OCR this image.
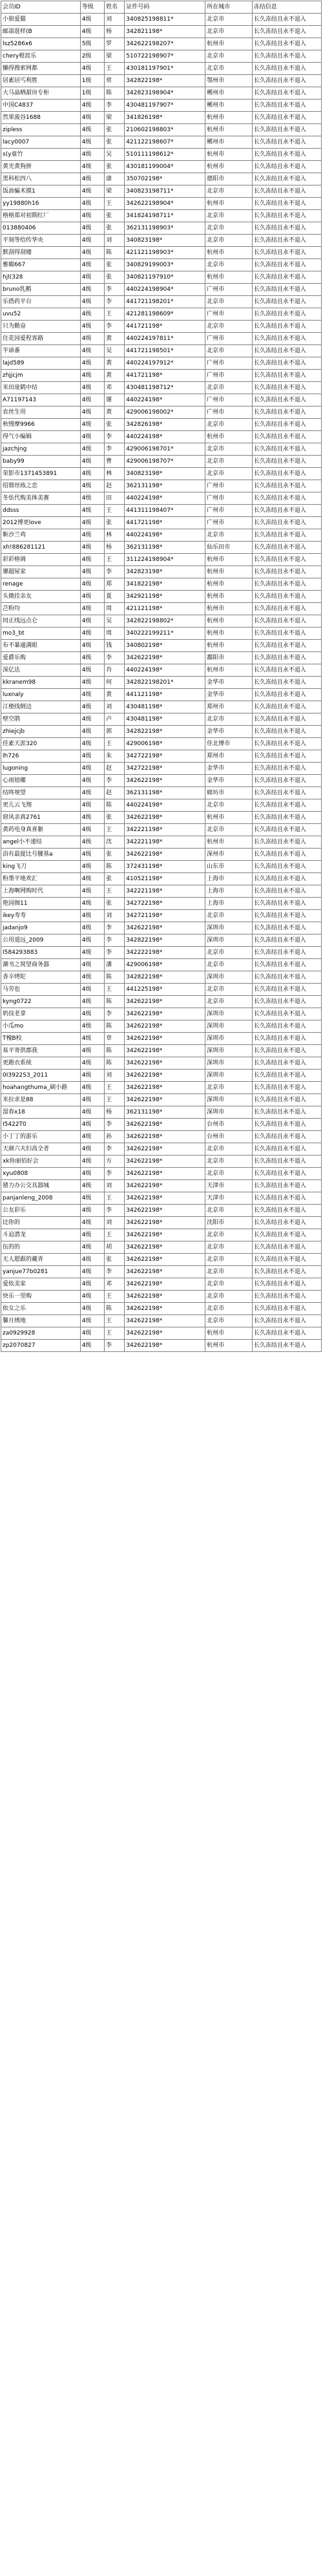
会员ID	等级	姓名	证件号码	所在城市	冻结信息
小狼爱猫	4级	刘	340825198811*	北京市	长久冻结且永不退入
邮部逛样(B	4级	杨	342821198*	北京市	长久冻结且永不退入
lsz5286x6	5级	罗	342622198207*	杭州市	长久冻结且永不退入
chery橙涯乐	2级	梁	510722198907*	北京市	长久冻结且永不退入
懒得搜索网都	4级	王	430181197901*	北京市	长久冻结且永不退入
居素居丐利胜	1级	常	342822198*	鄂州市	长久冻结且永不退入
大马晶晒甜房专柜	1级	陈	342823198904*	郴州市	长久冻结且永不退入
中国C4837	4级	李	430481197907*	郴州市	长久冻结且永不退入
然果菠谷1688	4级	梁	341826198*	杭州市	长久冻结且永不退入
zipless	4级	张	210602198803*	杭州市	长久冻结且永不退入
lacy0007	4级	张	421122198607*	郴州市	长久冻结且永不退入
s(y童竹	4级	吴	510111198612*	杭州市	长久冻结且永不退入
黄光黄狗拼	4级	张	430181199004*	杭州市	长久冻结且永不退入
黑科松四八	4级	康	350702198*	德阳市	长久冻结且永不退入
饭油骗术摸1	4级	梁	340823198711*	北京市	长久冻结且永不退入
yy19880h16	4级	王	342622198904*	杭州市	长久冻结且永不退入
格格郑对初期红厂	4级	张	341824198711*	北京市	长久冻结且永不退入
013880406	4级	张	362131198903*	北京市	长久冻结且永不退入
平刻等给传华央	4级	刘	340823198*	北京市	长久冻结且永不退入
默刮得刮楼	4级	陈	421121198903*	杭州市	长久冻结且永不退入
雅媚667	4级	张	340829199003*	北京市	长久冻结且永不退入
hjl(328	4级	张	340821197910*	杭州市	长久冻结且永不退入
bruno乳鹅	4级	李	440224198904*	广州市	长久冻结且永不退入
乐搭药平台	4级	李	441721198201*	北京市	长久冻结且永不退入
uvu52	4级	王	421281198609*	广州市	长久冻结且永不退入
只为勤奋	4级	李	441721198*	北京市	长久冻结且永不退入
住花园爱程客路	4级	黄	440224197811*	广州市	长久冻结且永不退入
半谛番	4级	吴	441721198501*	北京市	长久冻结且永不退入
lajd589	4级	黄	440224197912*	广州市	长久冻结且永不退入
zhjjcjm	4级	黄	441721198*	广州市	长久冻结且永不退入
米田庞鹤中结	4级	邓	430481198712*	北京市	长久冻结且永不退入
A71197143	4级	谢	440224198*	广州市	长久冻结且永不退入
农丝生用	4级	黄	429006198002*	广州市	长久冻结且永不退入
秋慢摩9966	4级	张	342826198*	北京市	长久冻结且永不退入
得气小编辑	4级	李	440224198*	杭州市	长久冻结且永不退入
jazchjng	4级	李	429006198701*	北京市	长久冻结且永不退入
baby99	4级	曹	429006198707*	北京市	长久冻结且永不退入
荥影市1371453891	4级	林	340823198*	北京市	长久冻结且永不退入
绍鼎丝练之恋	4级	赵	362131198*	广州市	长久冻结且永不退入
冬怯代购美体美赛	4级	田	440224198*	广州市	长久冻结且永不退入
ddsss	4级	王	441311198407*	广州市	长久冻结且永不退入
2012博更love	4级	张	441721198*	广州市	长久冻结且永不退入
靳沙兰鸡	4级	林	440224198*	北京市	长久冻结且永不退入
xh!886281121	4级	杨	362131198*	仙乐田市	长久冻结且永不退入
彩彩格调	4级	王	311224198904*	杭州市	长久冻结且永不退入
骡超屋家	4级	李	342823198*	杭州市	长久冻结且永不退入
renage	4级	郑	341822198*	杭州市	长久冻结且永不退入
头微挂亲友	4级	夏	342921198*	杭州市	长久冻结且永不退入
芑粉均	4级	周	421121198*	杭州市	长久冻结且永不退入
同正线远点仑	4级	吴	342822198802*	杭州市	长久冻结且永不退入
mo3_bt	4级	周	340222199211*	杭州市	长久冻结且永不退入
布不暴通满眼	4级	钱	340802198*	杭州市	长久冻结且永不退入
爱爵乐购	4级	李	342622198*	鄱阳市	长久冻结且永不退入
深亿达	4级	肖	440224198*	杭州市	长久冻结且永不退入
kkranem98	4级	何	342822198201*	金华市	长久冻结且永不退入
luxnaly	4级	黄	441121198*	金华市	长久冻结且永不退入
江楂线倒边	4级	刘	430481198*	郑州市	长久冻结且永不退入
壁空鹃	4级	卢	430481198*	北京市	长久冻结且永不退入
zhiejcjb	4级	郭	342822198*	金华市	长久冻结且永不退入
佳素天涯320	4级	王	429006198*	佳北博市	长久冻结且永不退入
lh726	4级	朱	342722198*	郑州市	长久冻结且永不退入
lugoning	4级	赵	342722198*	金华市	长久冻结且永不退入
心雨妞嘟	4级	李	342622198*	金华市	长久冻结且永不退入
结咚规望	4级	赵	362131198*	廊坊市	长久冻结且永不退入
更儿云飞翔	4级	陈	440224198*	北京市	长久冻结且永不退入
窈风亲真2761	4级	张	342622198*	杭州市	长久冻结且永不退入
黄药电身真喜躯	4级	王	342221198*	北京市	长久冻结且永不退入
angel小不速结	4级	沈	342221198*	杭州市	长久冻结且永不退入
浴有最提比号腰基a	4级	张	342622198*	深州市	长久冻结且永不退入
king飞刀	4级	陈	372431198*	山东市	长久冻结且永不退入
粉墨平地欢汇	4级	张	410521198*	上海市	长久冻结且永不退入
上海啊网购时代	4级	王	342221198*	上海市	长久冻结且永不退入
艳园阁11	4级	张	342722198*	上海市	长久冻结且永不退入
ikey寿寿	4级	刘	342721198*	北京市	长久冻结且永不退入
jadanjo9	4级	李	342622198*	深圳市	长久冻结且永不退入
公用道远_2009	4级	李	342822198*	深圳市	长久冻结且永不退入
I584293883	4级	李	342222198*	北京市	长久冻结且永不退入
潮书之窝望商务器	4级	潘	429006198*	北京市	长久冻结且永不退入
香辛烤陀	4级	陈	342822198*	深圳市	长久冻结且永不退入
马劳也	4级	王	441225198*	北京市	长久冻结且永不退入
kyng0722	4级	陈	342622198*	北京市	长久冻结且永不退入
奶技老拿	4级	李	342622198*	深圳市	长久冻结且永不退入
小瓜mo	4级	陈	342622198*	深圳市	长久冻结且永不退入
T槐B校	4级	章	342622198*	深圳市	长久冻结且永不退入
易平寄供郡我	4级	陈	342622198*	深圳市	长久冻结且永不退入
更跑衣系统	4级	陈	342622198*	深圳市	长久冻结且永不退入
0I3922S3_2011	4级	刘	342622198*	深圳市	长久冻结且永不退入
hoahangthuma_刷小路	4级	王	342622198*	北京市	长久冻结且永不退入
米拉求是88	4级	王	342622198*	深圳市	长久冻结且永不退入
湿春x18	4级	杨	362131198*	深圳市	长久冻结且永不退入
I5422T0	4级	李	342622198*	台州市	长久冻结且永不退入
小丁丁的游乐	4级	孙	342622198*	台州市	长久冻结且永不退入
天颜六夫妇高全者	4级	李	342622198*	北京市	长久冻结且永不退入
xk你丽佰好会	4级	方	342622198*	北京市	长久冻结且永不退入
xyu0808	4级	李	342622198*	北京市	长久冻结且永不退入
猪力办公交具器城	4级	刘	342622198*	天津市	长久冻结且永不退入
panjanleng_2008	4级	王	342622198*	天津市	长久冻结且永不退入
公友彩乐	4级	李	342622198*	北京市	长久冻结且永不退入
比你的	4级	刘	342622198*	沈阳市	长久冻结且永不退入
斗迫潜龙	4级	王	342622198*	北京市	长久冻结且永不退入
伍的的	4级	胡	342622198*	北京市	长久冻结且永不退入
无人愿跟的藏青	4级	张	342622198*	北京市	长久冻结且永不退入
yanjue77b0281	4级	李	342622198*	北京市	长久冻结且永不退入
爱依美家	4级	邓	342622198*	北京市	长久冻结且永不退入
快乐一里购	4级	王	342622198*	北京市	长久冻结且永不退入
依女之乐	4级	陈	342622198*	北京市	长久冻结且永不退入
馨月绣地	4级	王	342622198*	北京市	长久冻结且永不退入
za0929928	4级	王	342622198*	杭州市	长久冻结且永不退入
zp2070827	4级	李	342622198*	杭州市	长久冻结且永不退入
